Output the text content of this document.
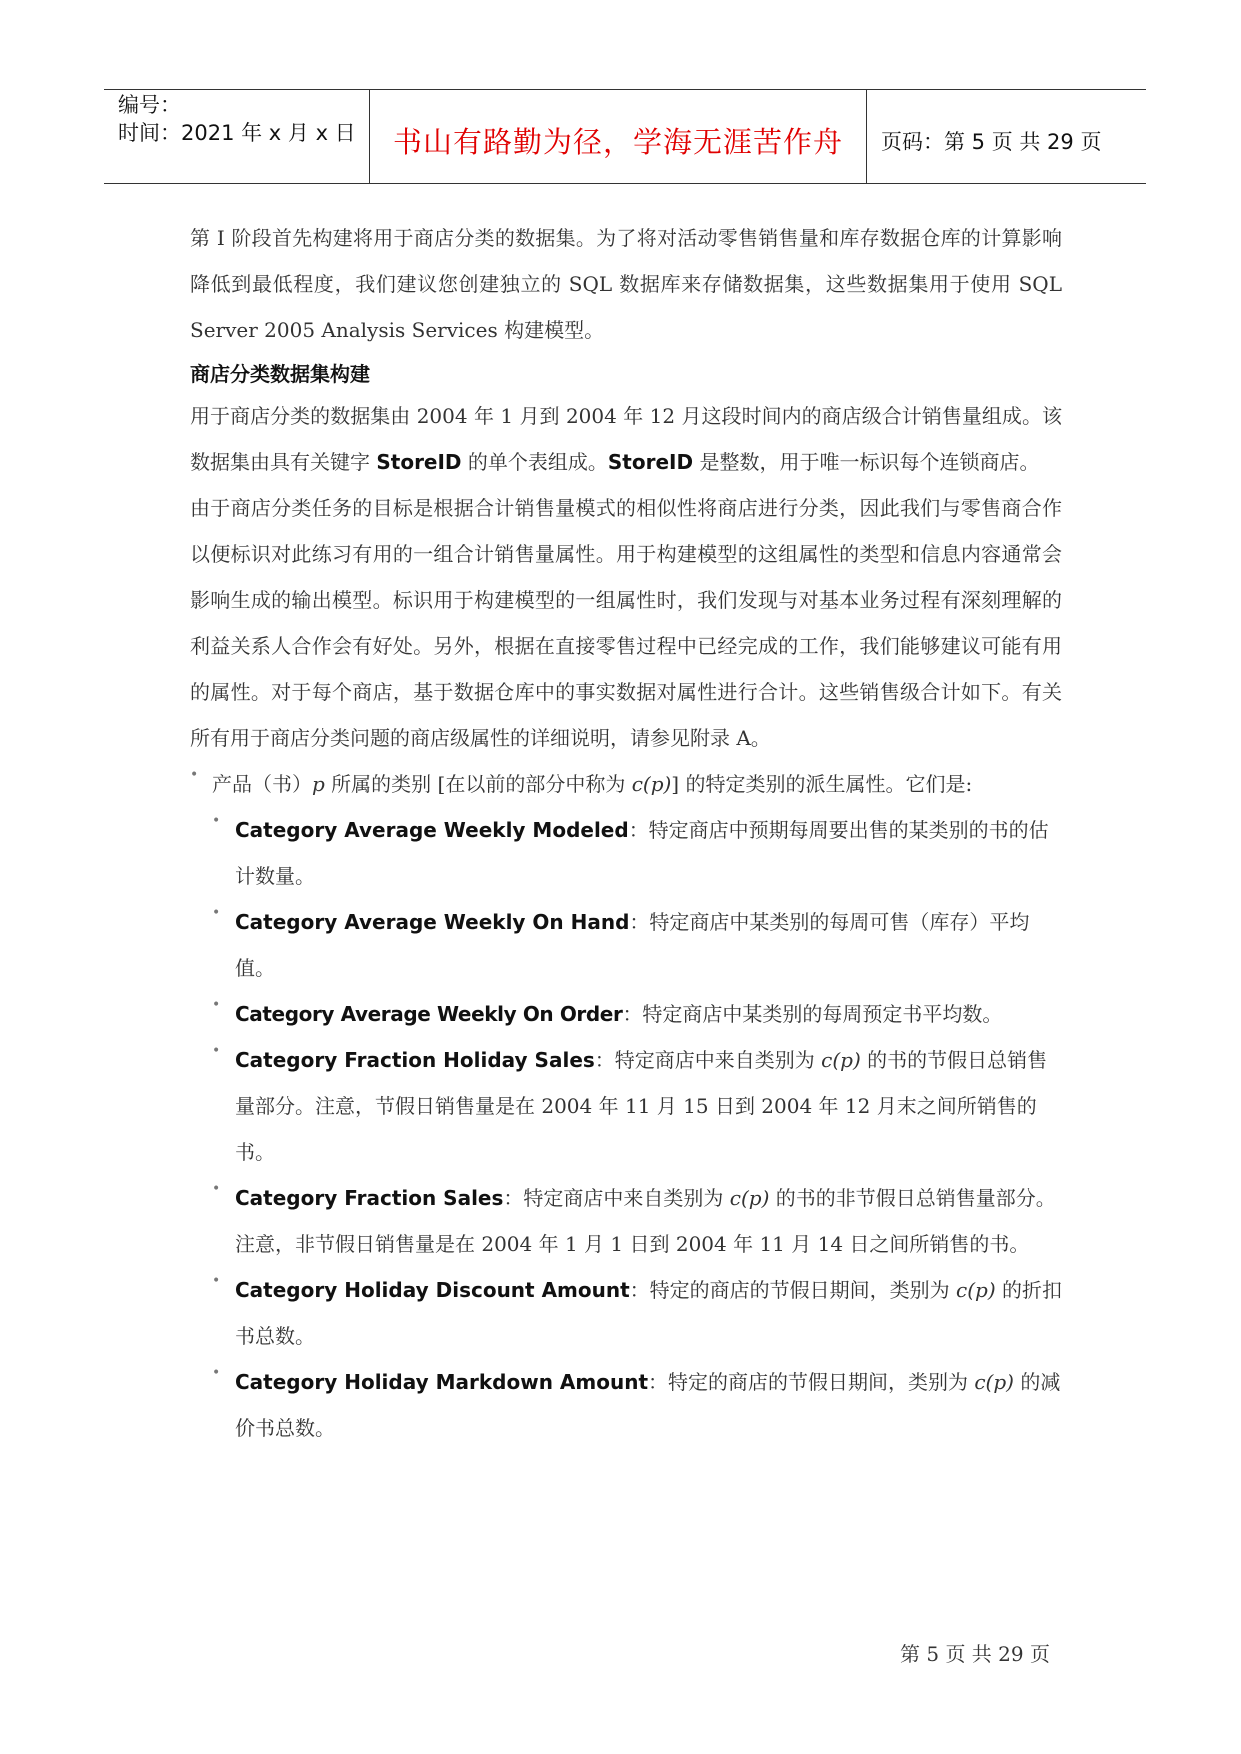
编号：
时间：2021 年 x 月 x 日	书山有路勤为径，学海无涯苦作舟	页码：第 5 页 共 29 页

第 I 阶段首先构建将用于商店分类的数据集。为了将对活动零售销售量和库存数据仓库的计算影响降低到最低程度，我们建议您创建独立的 SQL 数据库来存储数据集，这些数据集用于使用 SQL Server 2005 Analysis Services 构建模型。

商店分类数据集构建

用于商店分类的数据集由 2004 年 1 月到 2004 年 12 月这段时间内的商店级合计销售量组成。该数据集由具有关键字 StoreID 的单个表组成。StoreID 是整数，用于唯一标识每个连锁商店。

由于商店分类任务的目标是根据合计销售量模式的相似性将商店进行分类，因此我们与零售商合作以便标识对此练习有用的一组合计销售量属性。用于构建模型的这组属性的类型和信息内容通常会影响生成的输出模型。标识用于构建模型的一组属性时，我们发现与对基本业务过程有深刻理解的利益关系人合作会有好处。另外，根据在直接零售过程中已经完成的工作，我们能够建议可能有用的属性。对于每个商店，基于数据仓库中的事实数据对属性进行合计。这些销售级合计如下。有关所有用于商店分类问题的商店级属性的详细说明，请参见附录 A。

• 产品（书）p 所属的类别 [在以前的部分中称为 c(p)] 的特定类别的派生属性。它们是:

• Category Average Weekly Modeled：特定商店中预期每周要出售的某类别的书的估计数量。

• Category Average Weekly On Hand：特定商店中某类别的每周可售（库存）平均值。

• Category Average Weekly On Order：特定商店中某类别的每周预定书平均数。

• Category Fraction Holiday Sales：特定商店中来自类别为 c(p) 的书的节假日总销售量部分。注意，节假日销售量是在 2004 年 11 月 15 日到 2004 年 12 月末之间所销售的书。

• Category Fraction Sales：特定商店中来自类别为 c(p) 的书的非节假日总销售量部分。注意，非节假日销售量是在 2004 年 1 月 1 日到 2004 年 11 月 14 日之间所销售的书。

• Category Holiday Discount Amount：特定的商店的节假日期间，类别为 c(p) 的折扣书总数。

• Category Holiday Markdown Amount：特定的商店的节假日期间，类别为 c(p) 的减价书总数。

第 5 页 共 29 页
